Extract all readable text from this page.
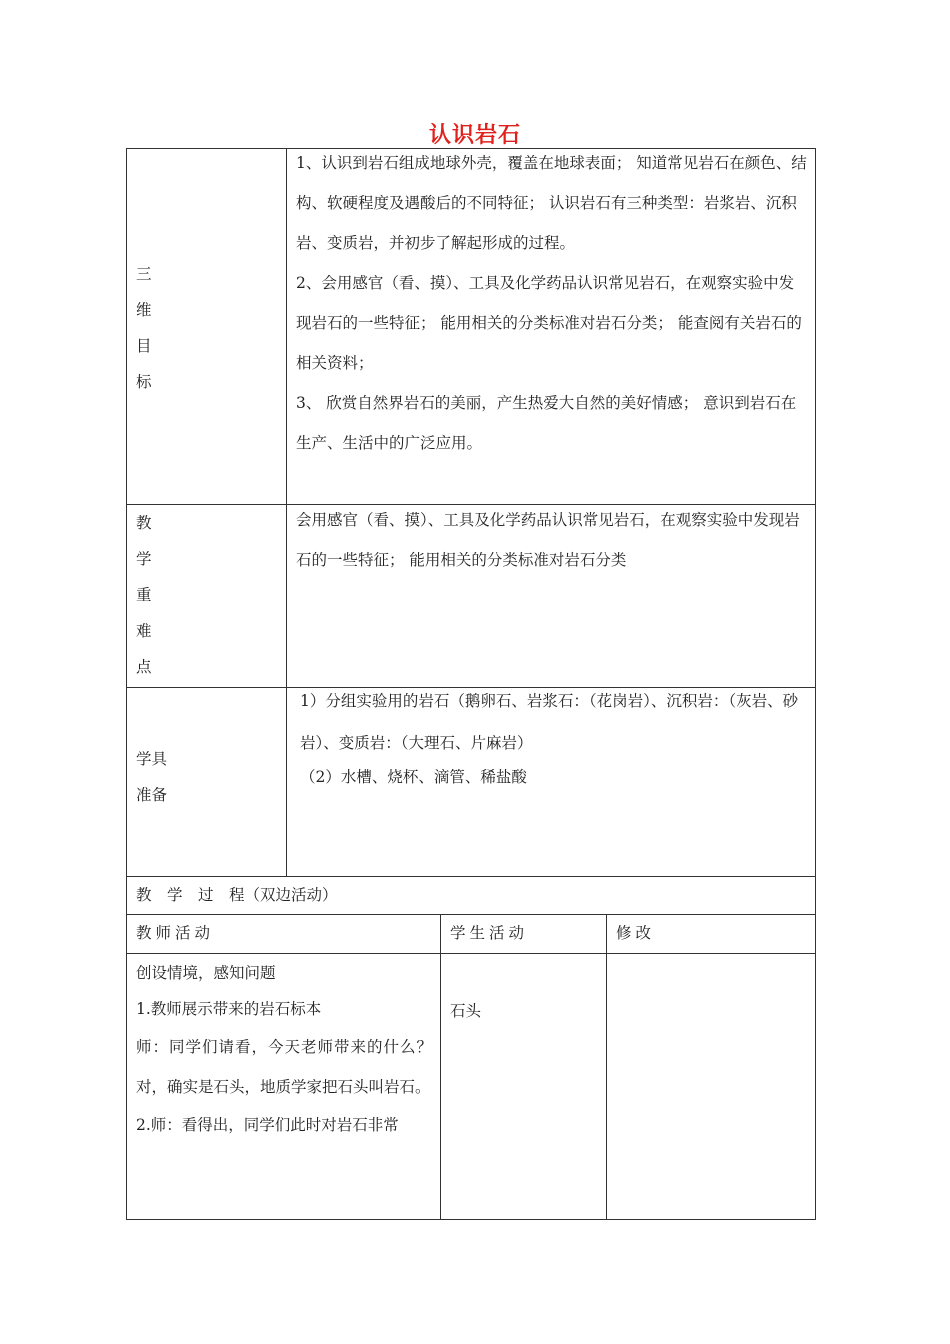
认识岩石
三
维
目
标

1、认识到岩石组成地球外壳，覆盖在地球表面； 知道常见岩石在颜色、结构、软硬程度及遇酸后的不同特征； 认识岩石有三种类型：岩浆岩、沉积岩、变质岩，并初步了解起形成的过程。

2、会用感官（看、摸）、工具及化学药品认识常见岩石，在观察实验中发现岩石的一些特征； 能用相关的分类标准对岩石分类； 能查阅有关岩石的相关资料；

3、 欣赏自然界岩石的美丽，产生热爱大自然的美好情感； 意识到岩石在生产、生活中的广泛应用。

教
学
重
难
点

会用感官（看、摸）、工具及化学药品认识常见岩石，在观察实验中发现岩石的一些特征； 能用相关的分类标准对岩石分类

学具
准备

1）分组实验用的岩石（鹅卵石、岩浆石：（花岗岩）、沉积岩：（灰岩、砂岩）、变质岩：（大理石、片麻岩）

（2）水槽、烧杯、滴管、稀盐酸

教　学　过　程（双边活动）
教师活动	学生活动	修改

创设情境，感知问题

1.教师展示带来的岩石标本

师：同学们请看，今天老师带来的什么？

对，确实是石头，地质学家把石头叫岩石。

2.师：看得出，同学们此时对岩石非常

石头
